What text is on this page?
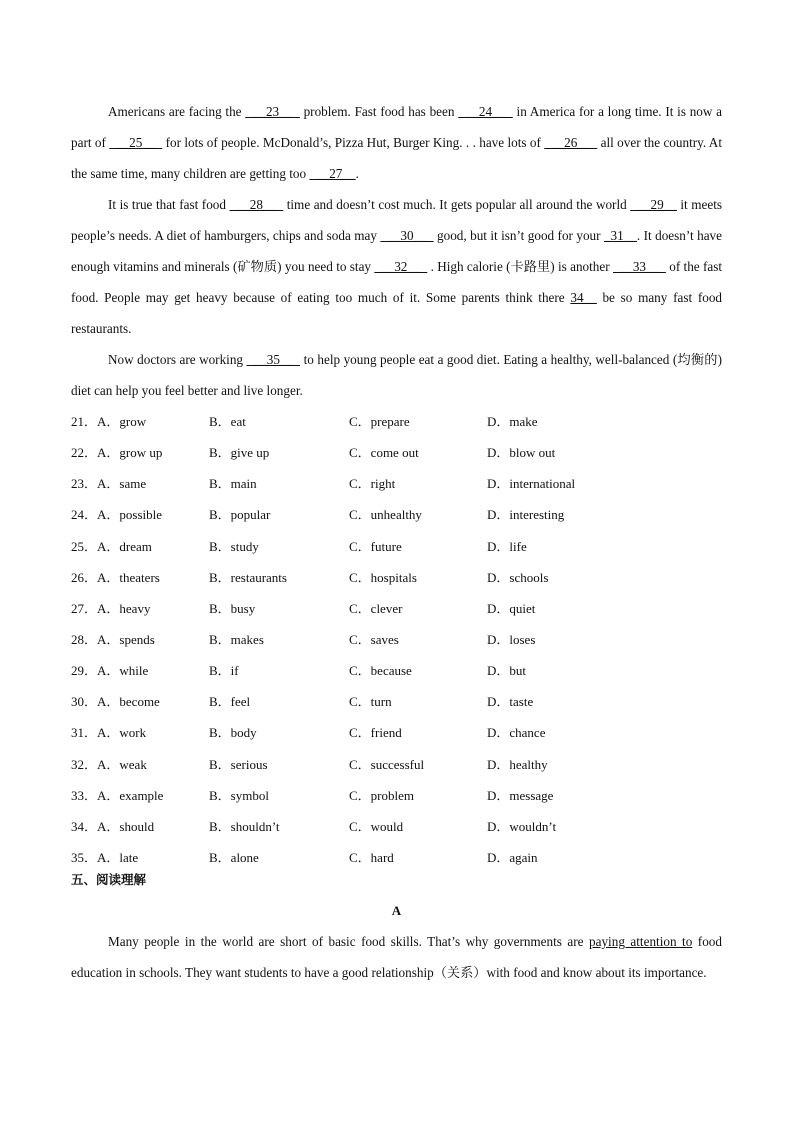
Americans are facing the   __23__   problem. Fast food has been   __24__   in America for a long time. It is now a part of   __25__   for lots of people. McDonald’s, Pizza Hut, Burger King. . . have lots of   __26__   all over the country. At the same time, many children are getting too   __27__.

It is true that fast food   __28__   time and doesn’t cost much. It gets popular all around the world   __29__ it meets people’s needs. A diet of hamburgers, chips and soda may   __30__   good, but it isn’t good for your _31__. It doesn’t have enough vitamins and minerals (矿物质) you need to stay   __32__   . High calorie (卡路里) is another   __33__   of the fast food. People may get heavy because of eating too much of it. Some parents think there 34__ be so many fast food restaurants.

Now doctors are working   __35__   to help young people eat a good diet. Eating a healthy, well-balanced (均衡的) diet can help you feel better and live longer.

21．A．grow	B．eat	C．prepare	D．make
22．A．grow up	B．give up	C．come out	D．blow out
23．A．same	B．main	C．right	D．international
24．A．possible	B．popular	C．unhealthy	D．interesting
25．A．dream	B．study	C．future	D．life
26．A．theaters	B．restaurants	C．hospitals	D．schools
27．A．heavy	B．busy	C．clever	D．quiet
28．A．spends	B．makes	C．saves	D．loses
29．A．while	B．if	C．because	D．but
30．A．become	B．feel	C．turn	D．taste
31．A．work	B．body	C．friend	D．chance
32．A．weak	B．serious	C．successful	D．healthy
33．A．example	B．symbol	C．problem	D．message
34．A．should	B．shouldn’t	C．would	D．wouldn’t
35．A．late	B．alone	C．hard	D．again
五、阅读理解
A

Many people in the world are short of basic food skills. That’s why governments are paying attention to food education in schools. They want students to have a good relationship（关系）with food and know about its importance.
